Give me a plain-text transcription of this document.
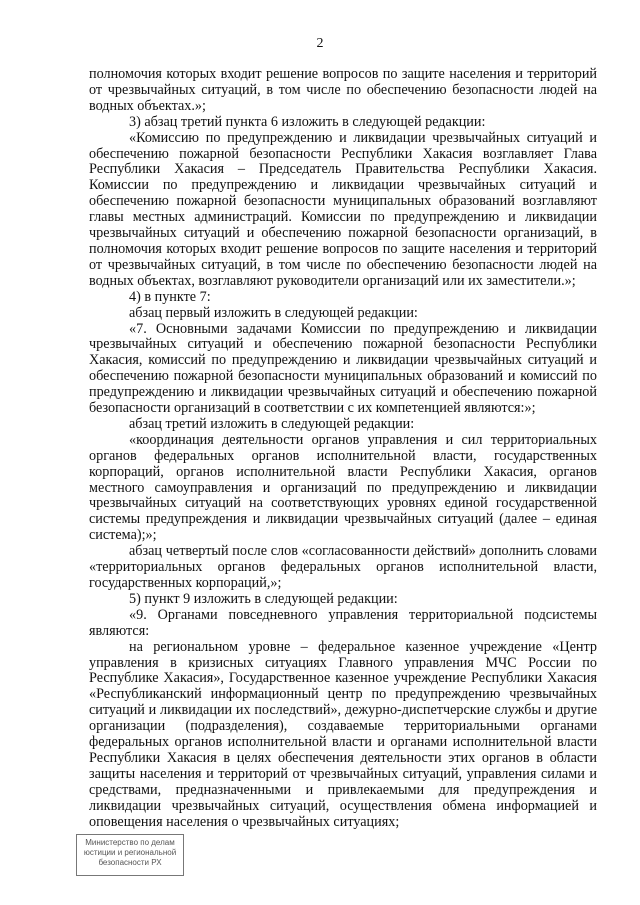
2

полномочия которых входит решение вопросов по защите населения и территорий от чрезвычайных ситуаций, в том числе по обеспечению безопасности людей на водных объектах.»;

3) абзац третий пункта 6 изложить в следующей редакции:

«Комиссию по предупреждению и ликвидации чрезвычайных ситуаций и обеспечению пожарной безопасности Республики Хакасия возглавляет Глава Республики Хакасия – Председатель Правительства Республики Хакасия. Комиссии по предупреждению и ликвидации чрезвычайных ситуаций и обеспечению пожарной безопасности муниципальных образований возглавляют главы местных администраций. Комиссии по предупреждению и ликвидации чрезвычайных ситуаций и обеспечению пожарной безопасности организаций, в полномочия которых входит решение вопросов по защите населения и территорий от чрезвычайных ситуаций, в том числе по обеспечению безопасности людей на водных объектах, возглавляют руководители организаций или их заместители.»;

4) в пункте 7:

абзац первый изложить в следующей редакции:

«7. Основными задачами Комиссии по предупреждению и ликвидации чрезвычайных ситуаций и обеспечению пожарной безопасности Республики Хакасия, комиссий по предупреждению и ликвидации чрезвычайных ситуаций и обеспечению пожарной безопасности муниципальных образований и комиссий по предупреждению и ликвидации чрезвычайных ситуаций и обеспечению пожарной безопасности организаций в соответствии с их компетенцией являются:»;

абзац третий изложить в следующей редакции:

«координация деятельности органов управления и сил территориальных органов федеральных органов исполнительной власти, государственных корпораций, органов исполнительной власти Республики Хакасия, органов местного самоуправления и организаций по предупреждению и ликвидации чрезвычайных ситуаций на соответствующих уровнях единой государственной системы предупреждения и ликвидации чрезвычайных ситуаций (далее – единая система);»;

абзац четвертый после слов «согласованности действий» дополнить словами «территориальных органов федеральных органов исполнительной власти, государственных корпораций,»;

5) пункт 9 изложить в следующей редакции:

«9. Органами повседневного управления территориальной подсистемы являются:

на региональном уровне – федеральное казенное учреждение «Центр управления в кризисных ситуациях Главного управления МЧС России по Республике Хакасия», Государственное казенное учреждение Республики Хакасия «Республиканский информационный центр по предупреждению чрезвычайных ситуаций и ликвидации их последствий», дежурно-диспетчерские службы и другие организации (подразделения), создаваемые территориальными органами федеральных органов исполнительной власти и органами исполнительной власти Республики Хакасия в целях обеспечения деятельности этих органов в области защиты населения и территорий от чрезвычайных ситуаций, управления силами и средствами, предназначенными и привлекаемыми для предупреждения и ликвидации чрезвычайных ситуаций, осуществления обмена информацией и оповещения населения о чрезвычайных ситуациях;

Министерство по делам
юстиции и региональной
безопасности РХ
